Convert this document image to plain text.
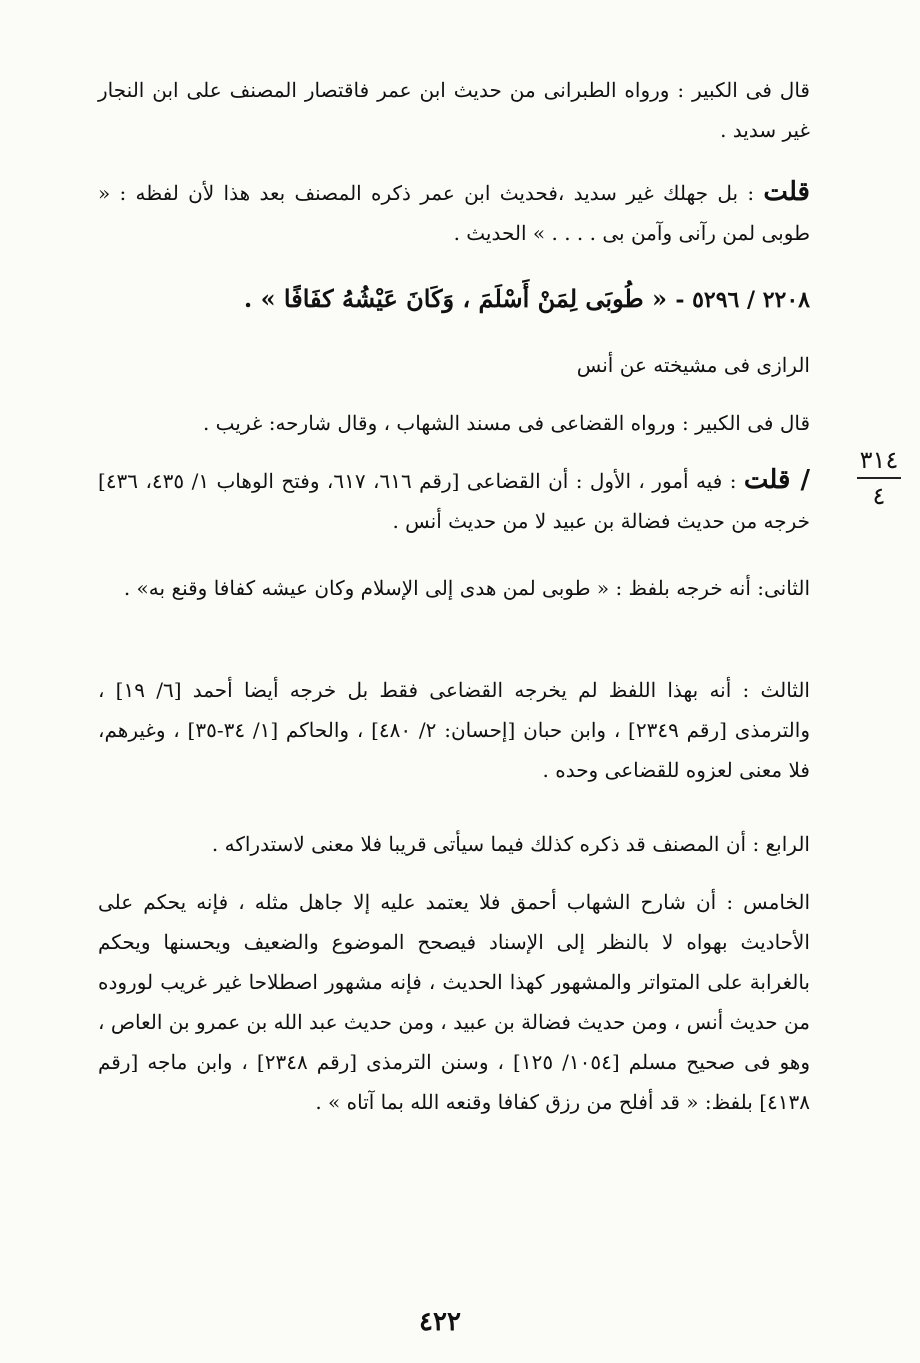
قال فى الكبير : ورواه الطبرانى من حديث ابن عمر فاقتصار المصنف على ابن النجار غير سديد .
قلت : بل جهلك غير سديد ،فحديث ابن عمر ذكره المصنف بعد هذا لأن لفظه : « طوبى لمن رآنى وآمن بى . . . . » الحديث .
٢٢٠٨ / ٥٢٩٦ - « طُوبَى لِمَنْ أَسْلَمَ ، وَكَانَ عَيْشُهُ كفَافًا » .
الرازى فى مشيخته عن أنس
قال فى الكبير : ورواه القضاعى فى مسند الشهاب ، وقال شارحه: غريب .
/ قلت : فيه أمور ، الأول : أن القضاعى [رقم ٦١٦، ٦١٧، وفتح الوهاب ١/ ٤٣٥، ٤٣٦] خرجه من حديث فضالة بن عبيد لا من حديث أنس .
الثانى: أنه خرجه بلفظ : « طوبى لمن هدى إلى الإسلام وكان عيشه كفافا وقنع به» .
الثالث : أنه بهذا اللفظ لم يخرجه القضاعى فقط بل خرجه أيضا أحمد [٦/ ١٩] ، والترمذى [رقم ٢٣٤٩] ، وابن حبان [إحسان: ٢/ ٤٨٠] ، والحاكم [١/ ٣٤-٣٥] ، وغيرهم، فلا معنى لعزوه للقضاعى وحده .
الرابع : أن المصنف قد ذكره كذلك فيما سيأتى قريبا فلا معنى لاستدراكه .
الخامس : أن شارح الشهاب أحمق فلا يعتمد عليه إلا جاهل مثله ، فإنه يحكم على الأحاديث بهواه لا بالنظر إلى الإسناد فيصحح الموضوع والضعيف ويحسنها ويحكم بالغرابة على المتواتر والمشهور كهذا الحديث ، فإنه مشهور اصطلاحا غير غريب لوروده من حديث أنس ، ومن حديث فضالة بن عبيد ، ومن حديث عبد الله بن عمرو بن العاص ، وهو فى صحيح مسلم [١٠٥٤/ ١٢٥] ، وسنن الترمذى [رقم ٢٣٤٨] ، وابن ماجه [رقم ٤١٣٨] بلفظ: « قد أفلح من رزق كفافا وقنعه الله بما آتاه » .
٤٢٢
٣١٤
٤
